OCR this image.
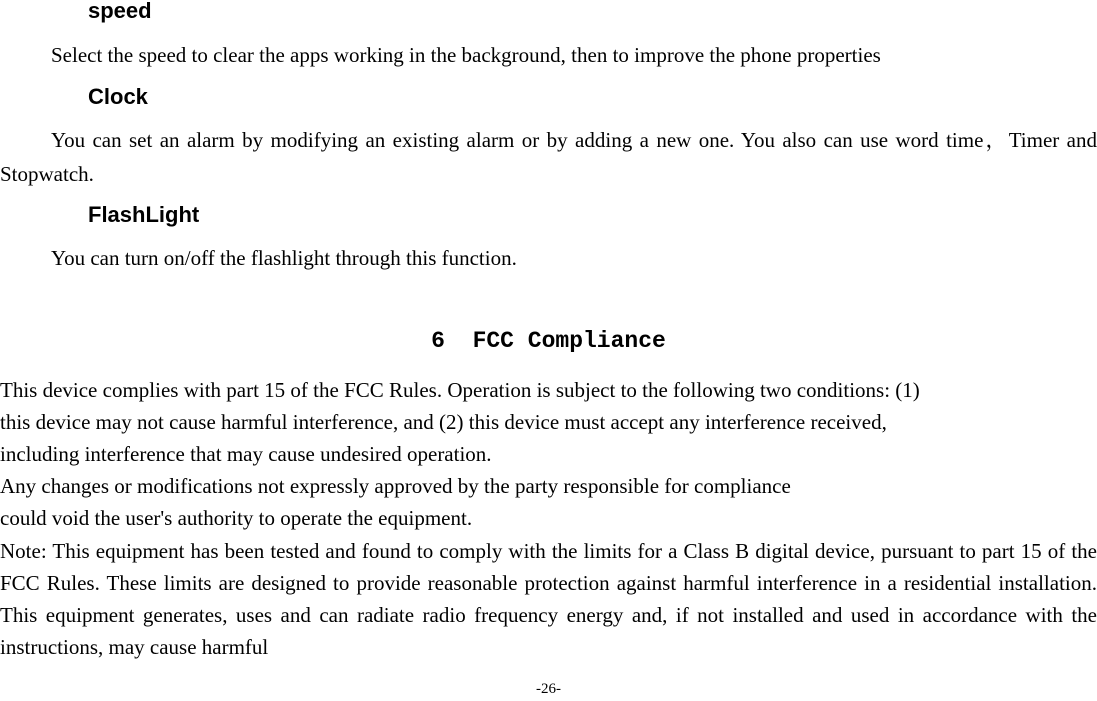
speed

Select the speed to clear the apps working in the background, then to improve the phone properties

Clock

You can set an alarm by modifying an existing alarm or by adding a new one. You also can use word time，Timer and Stopwatch.

FlashLight

You can turn on/off the flashlight through this function.

6  FCC Compliance
This device complies with part 15 of the FCC Rules. Operation is subject to the following two conditions: (1)
this device may not cause harmful interference, and (2) this device must accept any interference received,
including interference that may cause undesired operation.
Any changes or modifications not expressly approved by the party responsible for compliance
could void the user's authority to operate the equipment.

Note: This equipment has been tested and found to comply with the limits for a Class B digital device, pursuant to part 15 of the FCC Rules. These limits are designed to provide reasonable protection against harmful interference in a residential installation. This equipment generates, uses and can radiate radio frequency energy and, if not installed and used in accordance with the instructions, may cause harmful

-26-
